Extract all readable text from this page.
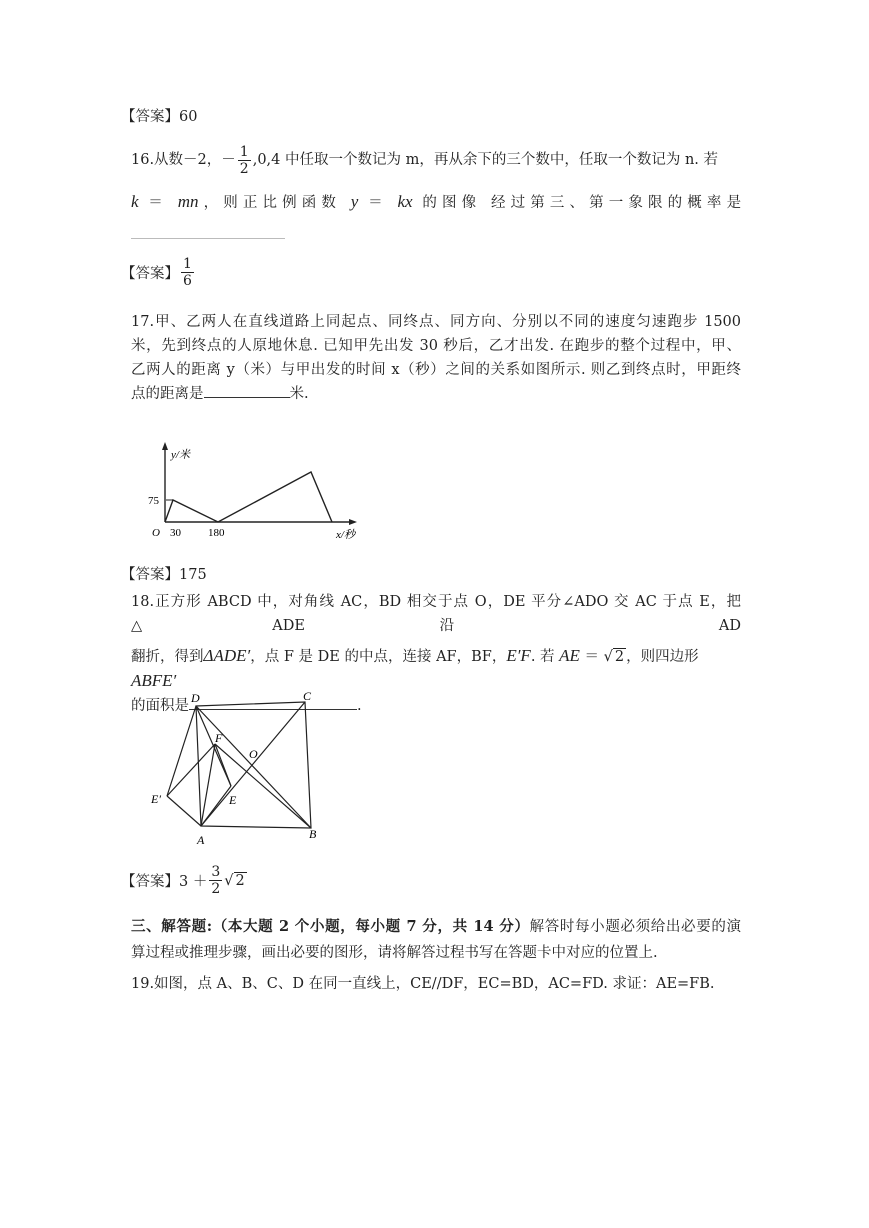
【答案】60
16.从数－2，－ $\frac{1}{2} ,0,4$ 中任取一个数记为 m，再从余下的三个数中，任取一个数记为 n. 若
k ＝ mn，则正比例函数 y ＝ kx 的图像 经过第三、第一象限的概率是
【答案】 $\frac{1}{6}$
17.甲、乙两人在直线道路上同起点、同终点、同方向、分别以不同的速度匀速跑步 1500
米，先到终点的人原地休息. 已知甲先出发 30 秒后，乙才出发. 在跑步的整个过程中，甲、
乙两人的距离 y（米）与甲出发的时间 x（秒）之间的关系如图所示. 则乙到终点时，甲距终
点的距离是	米.
y/米
75
O 30 180	x/秒
【答案】175
18.正方形 ABCD 中，对角线 AC，BD 相交于点 O，DE 平分∠ADO 交 AC 于点 E，把△ADE 沿 AD
翻折，得到ΔADE′，点 F 是 DE 的中点，连接 AF，BF，E′F. 若 AE ＝ √ 2 ，则四边形ABFE′
的面积是	.
D	C
F
O
E′	E
A	B
【答案】$3 + \frac{3}{2}$ √ 2
三、解答题:（本大题 2 个小题，每小题 7 分，共 14 分）解答时每小题必须给出必要的演
算过程或推理步骤，画出必要的图形，请将解答过程书写在答题卡中对应的位置上.
19.如图，点 A、B、C、D 在同一直线上，CE//DF，EC=BD，AC=FD. 求证：AE=FB.
